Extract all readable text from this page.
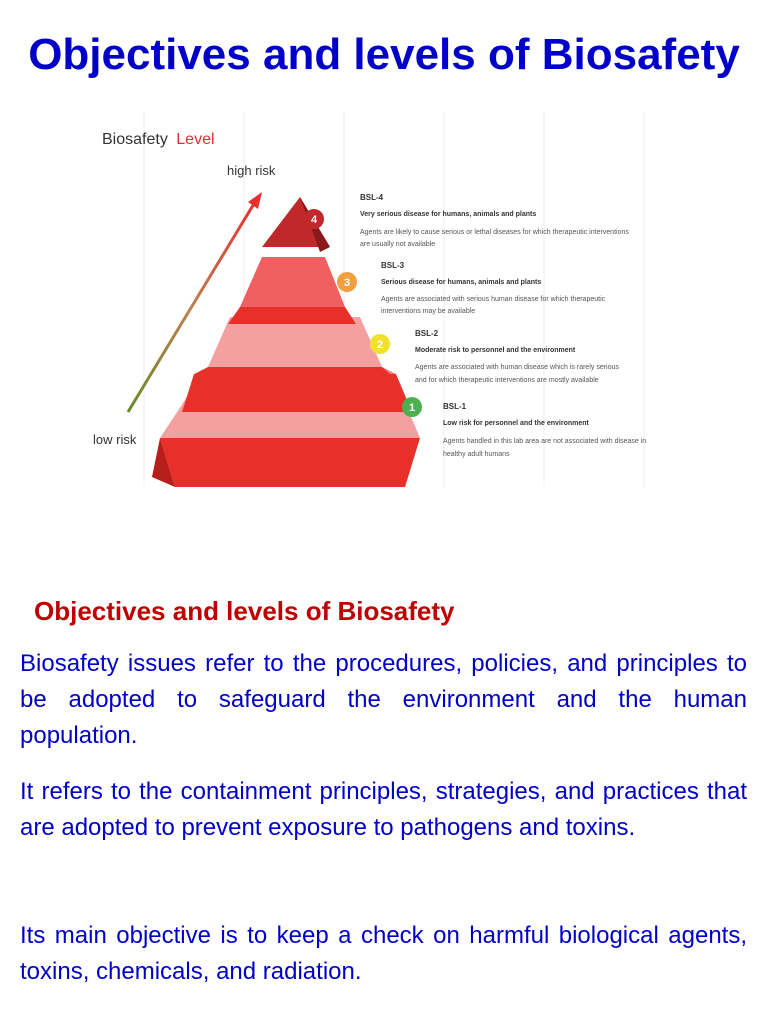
Objectives and levels of Biosafety
Biosafety Level
high risk
low risk
4
3
2
1
BSL-4
Very serious disease for humans, animals and plants
Agents are likely to cause serious or lethal diseases for which therapeutic interventions
are usually not available
BSL-3
Serious disease for humans, animals and plants
Agents are associated with serious human disease for which therapeutic
interventions may be available
BSL-2
Moderate risk to personnel and the environment
Agents are associated with human disease which is rarely serious
and for which therapeutic interventions are mostly available
BSL-1
Low risk for personnel and the environment
Agents handled in this lab area are not associated with disease in
healthy adult humans
Objectives and levels of Biosafety

Biosafety issues refer to the procedures, policies, and principles to be adopted to safeguard the environment and the human population.

It refers to the containment principles, strategies, and practices that are adopted to prevent exposure to pathogens and toxins.

Its main objective is to keep a check on harmful biological agents, toxins, chemicals, and radiation.
